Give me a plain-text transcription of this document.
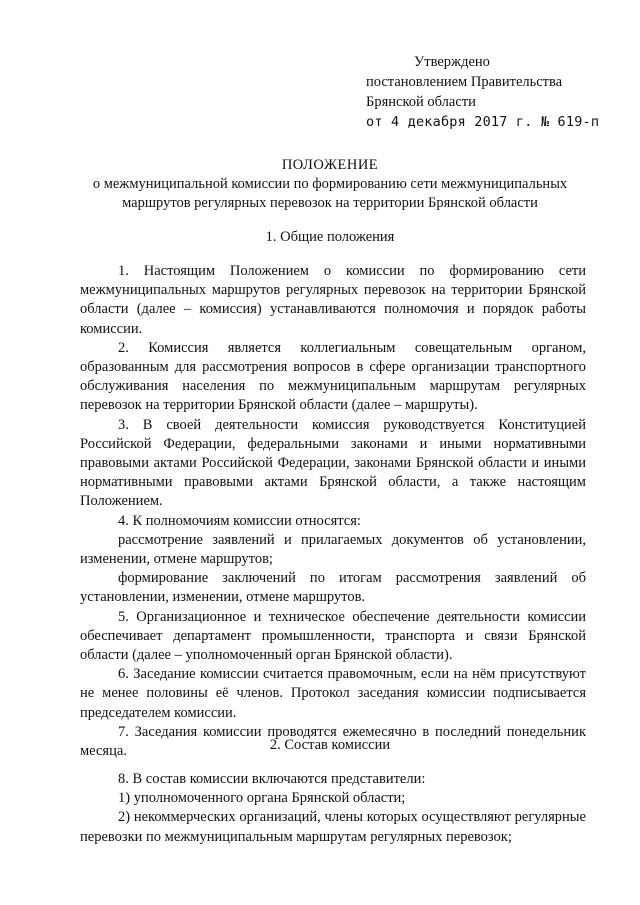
Утверждено
постановлением Правительства
Брянской области
от 4 декабря 2017 г. № 619-п
ПОЛОЖЕНИЕ
о межмуниципальной комиссии по формированию сети межмуниципальных маршрутов регулярных перевозок на территории Брянской области
1. Общие положения

1. Настоящим Положением о комиссии по формированию сети межмуниципальных маршрутов регулярных перевозок на территории Брянской области (далее – комиссия) устанавливаются полномочия и порядок работы комиссии.

2. Комиссия является коллегиальным совещательным органом, образованным для рассмотрения вопросов в сфере организации транспортного обслуживания населения по межмуниципальным маршрутам регулярных перевозок на территории Брянской области (далее – маршруты).

3. В своей деятельности комиссия руководствуется Конституцией Российской Федерации, федеральными законами и иными нормативными правовыми актами Российской Федерации, законами Брянской области и иными нормативными правовыми актами Брянской области, а также настоящим Положением.

4. К полномочиям комиссии относятся:

рассмотрение заявлений и прилагаемых документов об установлении, изменении, отмене маршрутов;

формирование заключений по итогам рассмотрения заявлений об установлении, изменении, отмене маршрутов.

5. Организационное и техническое обеспечение деятельности комиссии обеспечивает департамент промышленности, транспорта и связи Брянской области (далее – уполномоченный орган Брянской области).

6. Заседание комиссии считается правомочным, если на нём присутствуют не менее половины её членов. Протокол заседания комиссии подписывается председателем комиссии.

7. Заседания комиссии проводятся ежемесячно в последний понедельник месяца.	2. Состав комиссии

8. В состав комиссии включаются представители:

1) уполномоченного органа Брянской области;

2) некоммерческих организаций, члены которых осуществляют регулярные перевозки по межмуниципальным маршрутам регулярных перевозок;
